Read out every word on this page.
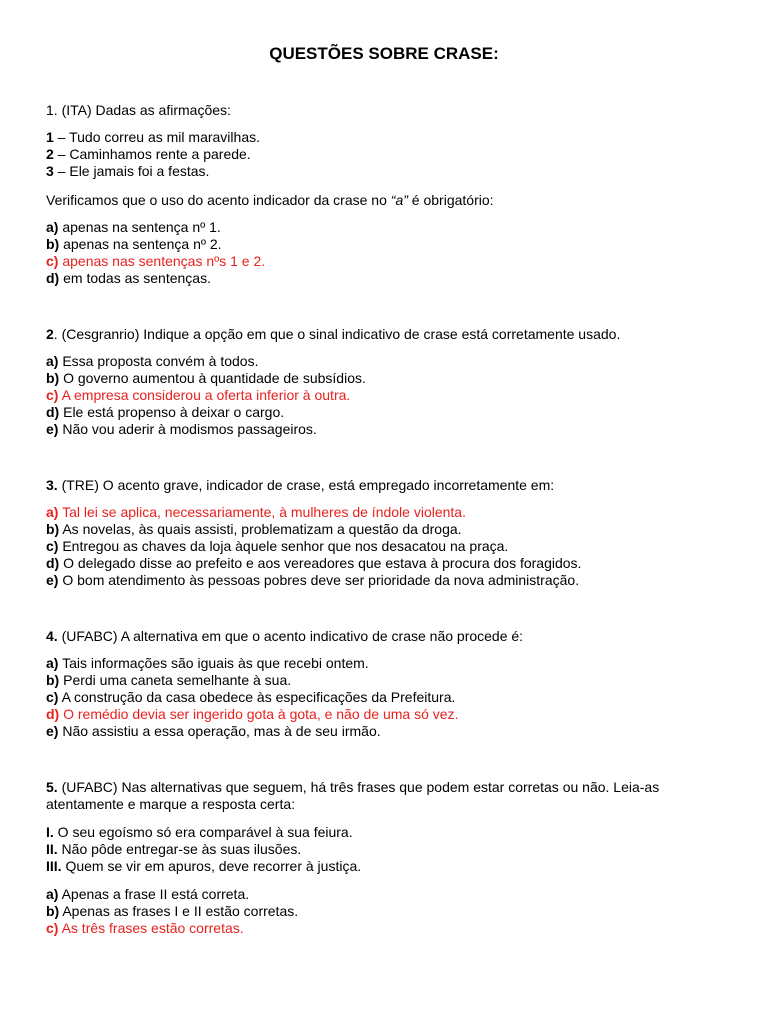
QUESTÕES SOBRE CRASE:
1. (ITA) Dadas as afirmações:
1 – Tudo correu as mil maravilhas.
2 – Caminhamos rente a parede.
3 – Ele jamais foi a festas.
Verificamos que o uso do acento indicador da crase no “a” é obrigatório:
a) apenas na sentença nº 1.
b) apenas na sentença nº 2.
c) apenas nas sentenças nºs 1 e 2.
d) em todas as sentenças.
2. (Cesgranrio) Indique a opção em que o sinal indicativo de crase está corretamente usado.
a) Essa proposta convém à todos.
b) O governo aumentou à quantidade de subsídios.
c) A empresa considerou a oferta inferior à outra.
d) Ele está propenso à deixar o cargo.
e) Não vou aderir à modismos passageiros.
3. (TRE) O acento grave, indicador de crase, está empregado incorretamente em:
a) Tal lei se aplica, necessariamente, à mulheres de índole violenta.
b) As novelas, às quais assisti, problematizam a questão da droga.
c) Entregou as chaves da loja àquele senhor que nos desacatou na praça.
d) O delegado disse ao prefeito e aos vereadores que estava à procura dos foragidos.
e) O bom atendimento às pessoas pobres deve ser prioridade da nova administração.
4. (UFABC) A alternativa em que o acento indicativo de crase não procede é:
a) Tais informações são iguais às que recebi ontem.
b) Perdi uma caneta semelhante à sua.
c) A construção da casa obedece às especificações da Prefeitura.
d) O remédio devia ser ingerido gota à gota, e não de uma só vez.
e) Não assistiu a essa operação, mas à de seu irmão.
5. (UFABC) Nas alternativas que seguem, há três frases que podem estar corretas ou não. Leia-as atentamente e marque a resposta certa:
I. O seu egoísmo só era comparável à sua feiura.
II. Não pôde entregar-se às suas ilusões.
III. Quem se vir em apuros, deve recorrer à justiça.
a) Apenas a frase II está correta.
b) Apenas as frases I e II estão corretas.
c) As três frases estão corretas.
